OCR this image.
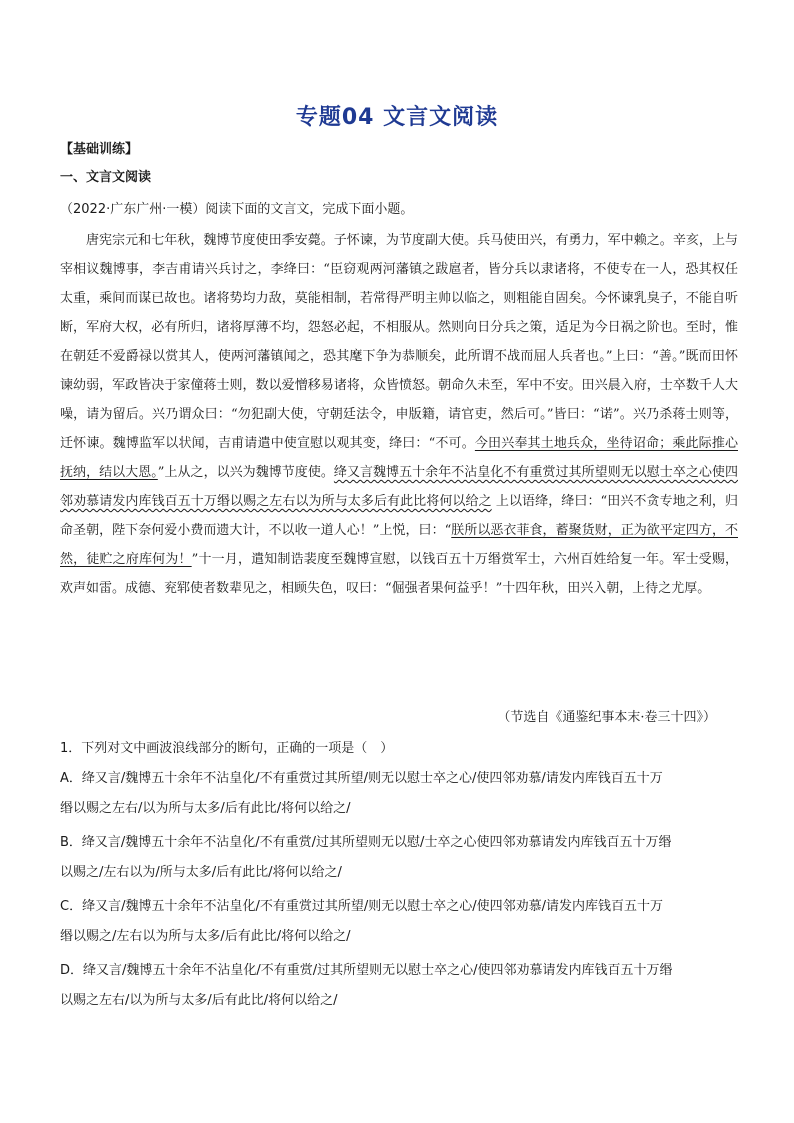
专题04 文言文阅读
【基础训练】
一、文言文阅读
（2022·广东广州·一模）阅读下面的文言文，完成下面小题。
唐宪宗元和七年秋，魏博节度使田季安薨。子怀谏，为节度副大使。兵马使田兴，有勇力，军中赖之。辛亥，上与宰相议魏博事，李吉甫请兴兵讨之，李绛曰：“臣窃观两河藩镇之跋扈者，皆分兵以隶诸将，不使专在一人，恐其权任太重，乘间而谋已故也。诸将势均力敌，莫能相制，若常得严明主帅以临之，则粗能自固矣。今怀谏乳臭子，不能自听断，军府大权，必有所归，诸将厚薄不均，怨怒必起，不相服从。然则向日分兵之策，适足为今日祸之阶也。至时，惟在朝廷不爱爵禄以赏其人，使两河藩镇闻之，恐其麾下争为恭顺矣，此所谓不战而屈人兵者也。”上曰：“善。”既而田怀谏幼弱，军政皆决于家僮蒋士则，数以爱憎移易诸将，众皆愤怒。朝命久未至，军中不安。田兴晨入府，士卒数千人大噪，请为留后。兴乃谓众曰：“勿犯副大使，守朝廷法令，申版籍，请官吏，然后可。”皆曰：“诺”。兴乃杀蒋士则等，迁怀谏。魏博监军以状闻，吉甫请遣中使宣慰以观其变，绛曰：“不可。今田兴奉其土地兵众，坐待诏命；乘此际推心抚纳，结以大恩。”上从之，以兴为魏博节度使。绛又言魏博五十余年不沾皇化不有重赏过其所望则无以慰士卒之心使四邻劝慕请发内库钱百五十万缗以赐之左右以为所与太多后有此比将何以给之 上以语绛，绛曰：“田兴不贪专地之利，归命圣朝，陛下奈何爱小费而遗大计，不以收一道人心！”上悦，曰：“朕所以恶衣菲食，蓄聚货财，正为欲平定四方，不然，徒贮之府库何为！”十一月，遣知制诰裴度至魏博宣慰，以钱百五十万缗赏军士，六州百姓给复一年。军士受赐，欢声如雷。成德、兖郓使者数辈见之，相顾失色，叹曰：“倔强者果何益乎！”十四年秋，田兴入朝，上待之尤厚。
（节选自《通鉴纪事本末·卷三十四》）
1．下列对文中画波浪线部分的断句，正确的一项是（　）
A．绛又言/魏博五十余年不沾皇化/不有重赏过其所望/则无以慰士卒之心/使四邻劝慕/请发内库钱百五十万
缗以赐之左右/以为所与太多/后有此比/将何以给之/
B．绛又言/魏博五十余年不沾皇化/不有重赏/过其所望则无以慰/士卒之心使四邻劝慕请发内库钱百五十万缗
以赐之/左右以为/所与太多/后有此比/将何以给之/
C．绛又言/魏博五十余年不沾皇化/不有重赏过其所望/则无以慰士卒之心/使四邻劝慕/请发内库钱百五十万
缗以赐之/左右以为所与太多/后有此比/将何以给之/
D．绛又言/魏博五十余年不沾皇化/不有重赏/过其所望则无以慰士卒之心/使四邻劝慕请发内库钱百五十万缗
以赐之左右/以为所与太多/后有此比/将何以给之/
